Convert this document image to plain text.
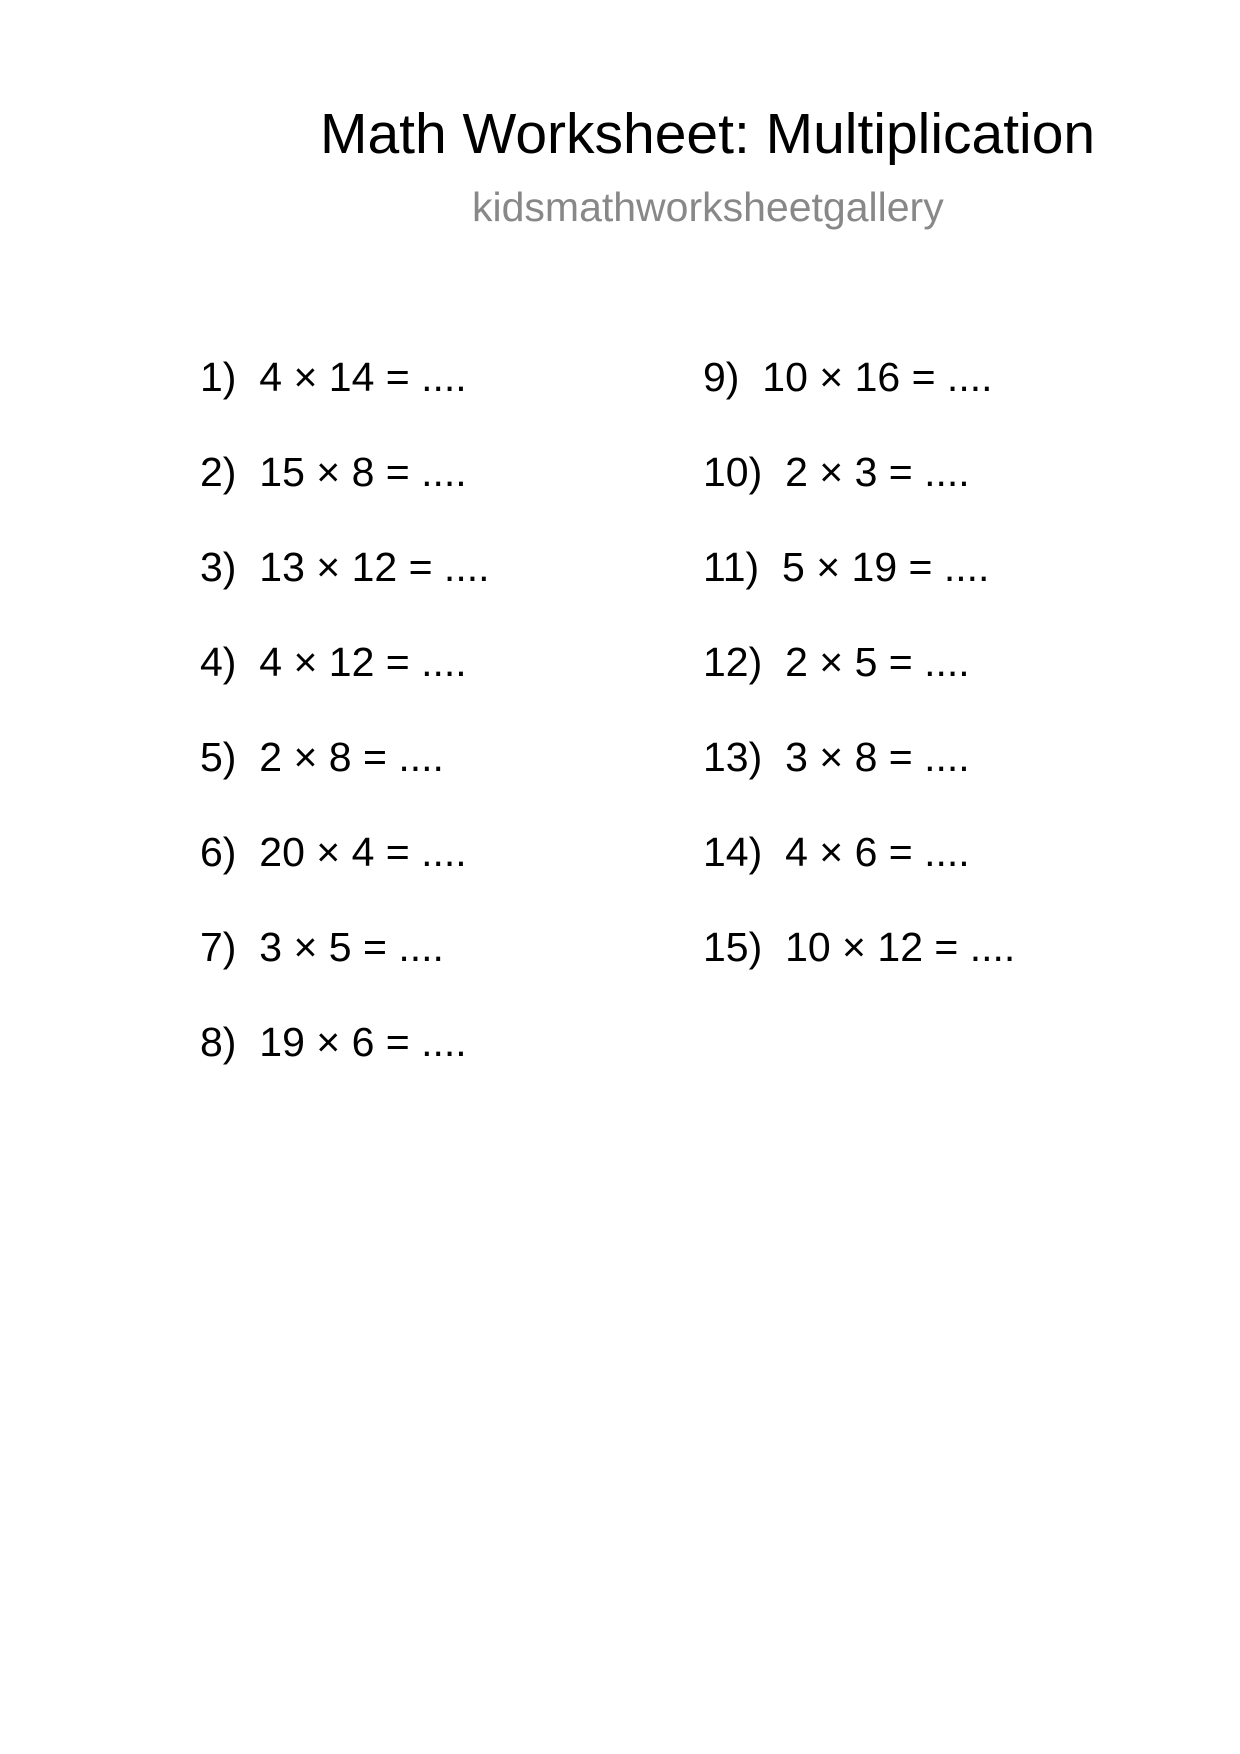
Math Worksheet: Multiplication
kidsmathworksheetgallery
1) 4 × 14 = ....
2) 15 × 8 = ....
3) 13 × 12 = ....
4) 4 × 12 = ....
5) 2 × 8 = ....
6) 20 × 4 = ....
7) 3 × 5 = ....
8) 19 × 6 = ....
9) 10 × 16 = ....
10) 2 × 3 = ....
11) 5 × 19 = ....
12) 2 × 5 = ....
13) 3 × 8 = ....
14) 4 × 6 = ....
15) 10 × 12 = ....
